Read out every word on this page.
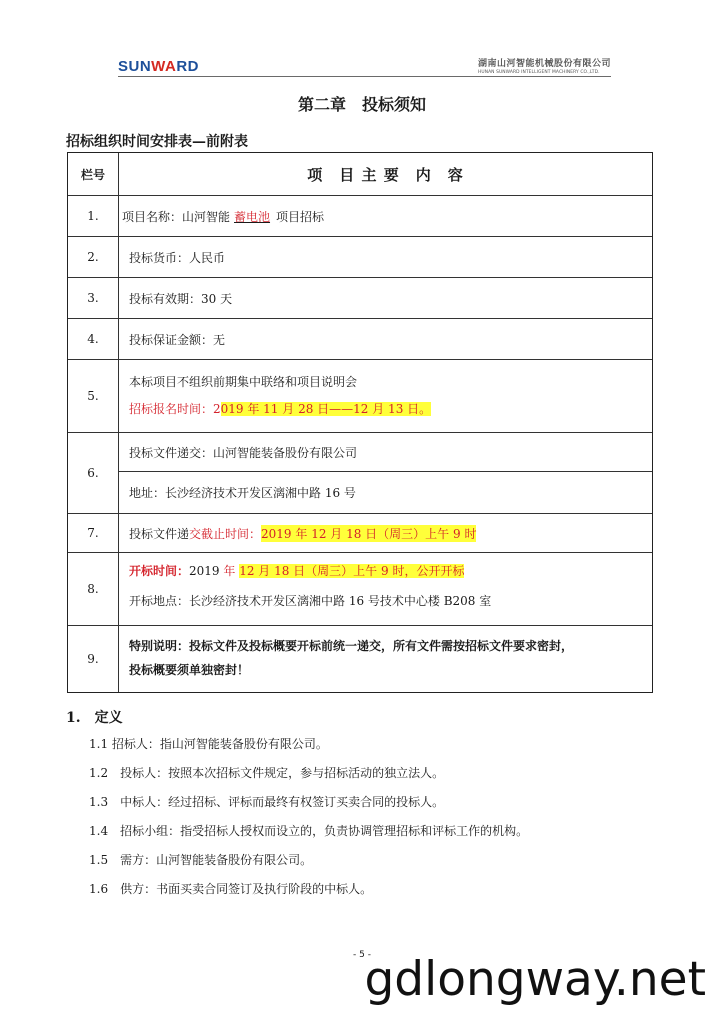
SUNWARD	湖南山河智能机械股份有限公司
HUNAN SUNWARD INTELLIGENT MACHINERY CO.,LTD.
第二章　投标须知
招标组织时间安排表—前附表
栏号	项　目 主 要　内　容
1.	项目名称：山河智能 蓄电池 项目招标
2.	投标货币：人民币
3.	投标有效期：30 天
4.	投标保证金额：无
5.
本标项目不组织前期集中联络和项目说明会
招标报名时间：2019 年 11 月 28 日——12 月 13 日。
6.
投标文件递交：山河智能装备股份有限公司
地址：长沙经济技术开发区漓湘中路 16 号
7.	投标文件递 交截止时间： 2019 年 12 月 18 日（周三）上午 9 时
8.
开标时间：2019 年 12 月 18 日（周三）上午 9 时，公开开标
开标地点：长沙经济技术开发区漓湘中路 16 号技术中心楼 B208 室
9.
特别说明：投标文件及投标概要开标前统一递交，所有文件需按招标文件要求密封，
投标概要须单独密封！
1.　定义
1.1 招标人：指山河智能装备股份有限公司。
1.2　投标人：按照本次招标文件规定，参与招标活动的独立法人。
1.3　中标人：经过招标、评标而最终有权签订买卖合同的投标人。
1.4　招标小组：指受招标人授权而设立的，负责协调管理招标和评标工作的机构。
1.5　需方：山河智能装备股份有限公司。
1.6　供方：书面买卖合同签订及执行阶段的中标人。
- 5 -
gdlongway.net
